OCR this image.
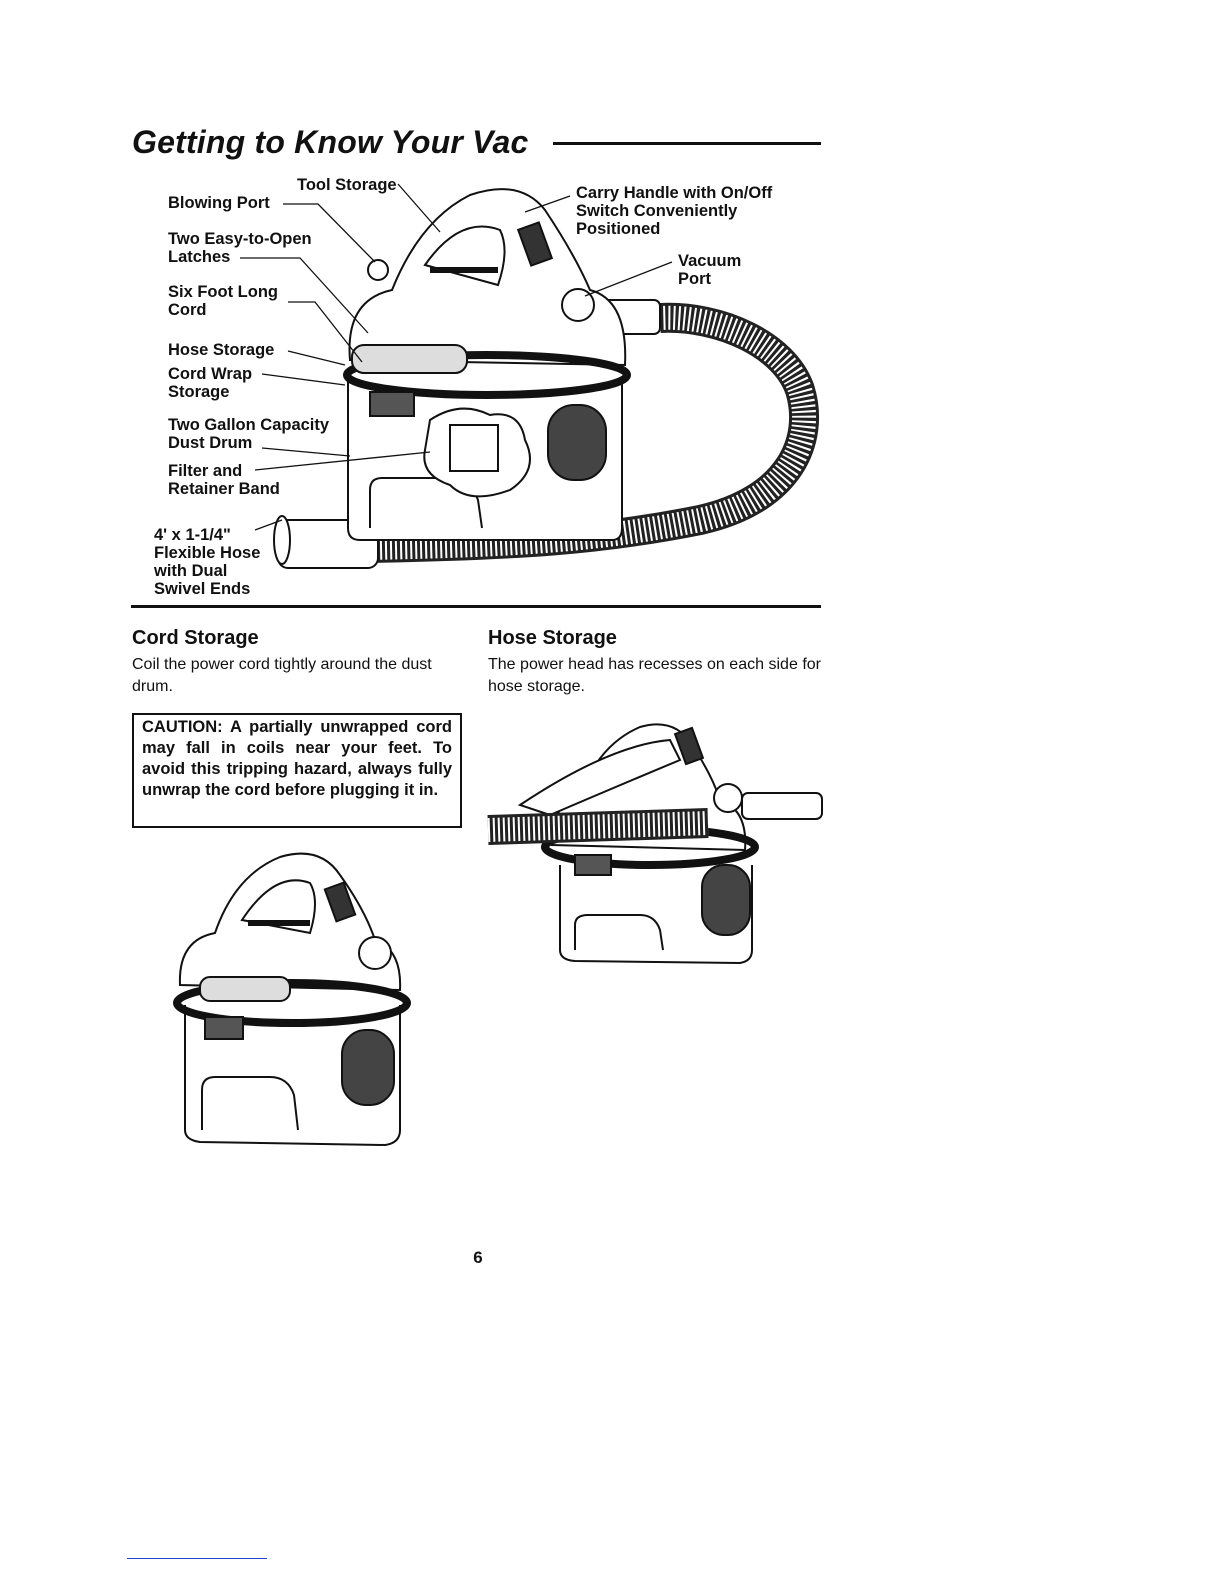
Getting to Know Your Vac
Tool Storage
Blowing Port
Two Easy-to-Open
Latches
Six Foot Long
Cord
Hose Storage
Cord Wrap
Storage
Two Gallon Capacity
Dust Drum
Filter and
Retainer Band
4' x 1-1/4"
Flexible Hose
with Dual
Swivel Ends
Carry Handle with On/Off
Switch Conveniently
Positioned
Vacuum
Port
Cord Storage
Coil the power cord tightly around the dust drum.
CAUTION: A partially unwrapped cord may fall in coils near your feet. To avoid this tripping hazard, always fully unwrap the cord before plugging it in.
Hose Storage
The power head has recesses on each side for hose storage.
6
